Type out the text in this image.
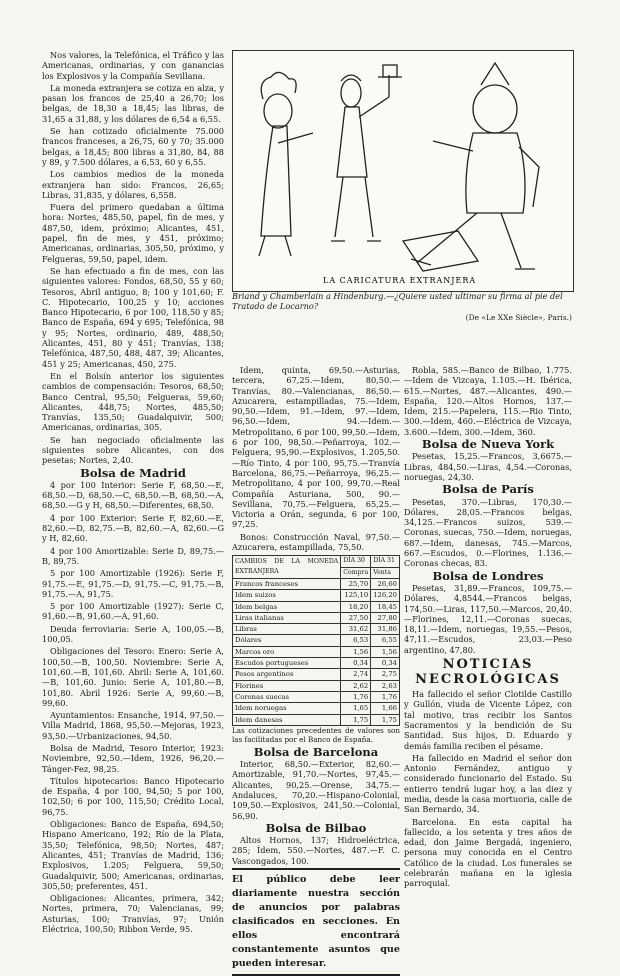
Nos valores, la Telefónica, el Tráfico y las Americanas, ordinarias, y con ganancias los Explosivos y la Compañía Sevillana.

La moneda extranjera se cotiza en alza, y pasan los francos de 25,40 a 26,70; los belgas, de 18,30 a 18,45; las libras, de 31,65 a 31,88, y los dólares de 6,54 a 6,55.

Se han cotizado oficialmente 75.000 francos franceses, a 26,75, 60 y 70; 35.000 belgas, a 18,45; 800 libras a 31,80, 84, 88 y 89, y 7.500 dólares, a 6,53, 60 y 6,55.

Los cambios medios de la moneda extranjera han sido: Francos, 26,65; Libras, 31,835, y dólares, 6,558.

Fuera del primero quedaban a última hora: Nortes, 485,50, papel, fin de mes, y 487,50, idem, próximo; Alicantes, 451, papel, fin de mes, y 451, próximo; Americanas, ordinarias, 305,50, próximo, y Felgueras, 59,50, papel, idem.

Se han efectuado a fin de mes, con las siguientes valores: Fondos, 68,50, 55 y 60; Tesoros, Abril antiguo, 8; 100 y 101,60; F. C. Hipotecario, 100,25 y 10; acciones Banco Hipotecario, 6 por 100, 118,50 y 85; Banco de España, 694 y 695; Telefónica, 98 y 95; Nortes, ordinario, 489, 488,50; Alicantes, 451, 80 y 451; Tranvías, 138; Telefónica, 487,50, 488, 487, 39; Alicantes, 451 y 25; Americanas, 450, 275.

En el Bolsín anterior los siguientes cambios de compensación: Tesoros, 68,50; Banco Central, 95,50; Felgueras, 59,60; Alicantes, 448,75; Nortes, 485,50; Tranvías, 135,50; Guadalquivir, 500; Americanas, ordinarias, 305.

Se han negociado oficialmente las siguientes sobre Alicantes, con dos pesetas; Nortes, 2,40.

Bolsa de Madrid

4 por 100 Interior: Serie F, 68,50.—E, 68,50.—D, 68,50.—C, 68,50.—B, 68,50.—A, 68,50.—G y H, 68,50.—Diferentes, 68,50.

4 por 100 Exterior: Serie F, 82,60.—E, 82,60.—D, 82,75.—B, 82,60.—A, 82,60.—G y H, 82,60.

4 por 100 Amortizable: Serie D, 89,75.—B, 89,75.

5 por 100 Amortizable (1926): Serie F, 91,75.—E, 91,75.—D, 91,75.—C, 91,75.—B, 91,75.—A, 91,75.

5 por 100 Amortizable (1927): Serie C, 91,60.—B, 91,60.—A, 91,60.

Deuda ferroviaria: Serie A, 100,05.—B, 100,05.

Obligaciones del Tesoro: Enero: Serie A, 100,50.—B, 100,50. Noviembre: Serie A, 101,60.—B, 101,60. Abril: Serie A, 101,60.—B, 101,60. Junio: Serie A, 101,80.—B, 101,80. Abril 1926: Serie A, 99,60.—B, 99,60.

Ayuntamientos: Ensanche, 1914, 97,50.—Villa Madrid, 1868, 95,50.—Mejoras, 1923, 93,50.—Urbanizaciones, 94,50.

Bolsa de Madrid, Tesoro Interior, 1923: Noviembre, 92,50.—Idem, 1926, 96,20.—Tánger-Fez, 98,25.

Títulos hipotecarios: Banco Hipotecario de España, 4 por 100, 94,50; 5 por 100, 102,50; 6 por 100, 115,50; Crédito Local, 96,75.

Obligaciones: Banco de España, 694,50; Hispano Americano, 192; Río de la Plata, 35,50; Telefónica, 98,50; Nortes, 487; Alicantes, 451; Tranvías de Madrid, 136; Explosivos, 1.205; Felguera, 59,50; Guadalquivir, 500; Americanas, ordinarias, 305,50; preferentes, 451.

Obligaciones: Alicantes, primera, 342; Nortes, primera, 70; Valencianas, 99; Asturias, 100; Tranvías, 97; Unión Eléctrica, 100,50; Ribbon Verde, 95.

LA CARICATURA EXTRANJERA
Briand y Chamberlain a Hindenburg.—¿Quiere usted ultimar su firma al pie del Tratado de Locarno?
(De «Le XXe Siècle», París.)

Idem, quinta, 69,50.—Asturias, tercera, 67,25.—Idem, 80,50.—Tranvías, 80.—Valencianas, 86,50.—Azucarera, estampilladas, 75.—Idem, 90,50.—Idem, 91.—Idem, 97.—Idem, 96,50.—Idem, 94.—Idem.—Metropolitano, 6 por 100, 99,50.—Idem, 6 por 100, 98,50.—Peñarroya, 102.—Felguera, 95,90.—Explosivos, 1.205,50.—Río Tinto, 4 por 100, 95,75.—Tranvía Barcelona, 86,75.—Peñarroya, 96,25.—Metropolitano, 4 por 100, 99,70.—Real Compañía Asturiana, 500, 90.—Sevillana, 70,75.—Felguera, 65,25.—Victoria a Orán, segunda, 6 por 100, 97,25.

Bonos: Construcción Naval, 97,50.—Azucarera, estampillada, 75,50.

CAMBIOS DE LA MONEDA EXTRANJERA	DÍA 30	DÍA 31
	Compra	Venta
Francos franceses	25,70	26,60
Idem suizos	125,10	126,20
Idem belgas	18,20	18,45
Liras italianas	27,50	27,80
Libras	31,62	31,86
Dólares	6,53	6,55
Marcos oro	1,56	1,56
Escudos portugueses	0,34	0,34
Pesos argentinos	2,74	2,75
Florines	2,62	2,63
Coronas suecas	1,76	1,76
Idem noruegas	1,65	1,66
Idem danesas	1,75	1,75
Las cotizaciones precedentes de valores son las facilitadas por el Banco de España.

Bolsa de Barcelona

Interior, 68,50.—Exterior, 82,60.—Amortizable, 91,70.—Nortes, 97,45.—Alicantes, 90,25.—Orense, 34,75.—Andaluces, 70,20.—Hispano-Colonial, 109,50.—Explosivos, 241,50.—Colonial, 56,90.

Bolsa de Bilbao

Altos Hornos, 137; Hidroeléctrica, 285; Ídem, 550.—Nortes, 487.—F. C. Vascongados, 100.

El público debe leer diariamente nuestra sección de anuncios por palabras clasificados en secciones. En ellos encontrará constantemente asuntos que pueden interesar.

Robla, 585.—Banco de Bilbao, 1.775.—Idem de Vizcaya, 1.105.—H. Ibérica, 615.—Nortes, 487.—Alicantes, 490.—España, 120.—Altos Hornos, 137.—Idem, 215.—Papelera, 115.—Rio Tinto, 300.—Idem, 460.—Eléctrica de Vizcaya, 3.600.—Idem, 300.—Idem, 360.

Bolsa de Nueva York

Pesetas, 15,25.—Francos, 3,6675.—Libras, 484,50.—Liras, 4,54.—Coronas, noruegas, 24,30.

Bolsa de París

Pesetas, 370.—Libras, 170,30.—Dólares, 28,05.—Francos belgas, 34,125.—Francos suizos, 539.—Coronas, suecas, 750.—Idem, noruegas, 687.—Idem, danesas, 745.—Marcos, 667.—Escudos, 0.—Florines, 1.136.—Coronas checas, 83.

Bolsa de Londres

Pesetas, 31,89.—Francos, 109,75.—Dólares, 4,8544.—Francos belgas, 174,50.—Liras, 117,50.—Marcos, 20,40.—Florines, 12,11.—Coronas suecas, 18,11.—Idem, noruegas, 19,55.—Pesos, 47,11.—Escudos, 23,03.—Peso argentino, 47,80.

NOTICIAS NECROLÓGICAS

Ha fallecido el señor Clotilde Castillo y Gullón, viuda de Vicente López, con tal motivo, tras recibir los Santos Sacramentos y la bendición de Su Santidad. Sus hijos, D. Eduardo y demás familia reciben el pésame.

Ha fallecido en Madrid el señor don Antonio Fernández, antiguo y considerado funcionario del Estado. Su entierro tendrá lugar hoy, a las diez y media, desde la casa mortuoria, calle de San Bernardo, 34.

Barcelona. En esta capital ha fallecido, a los setenta y tres años de edad, don Jaime Bergadá, ingeniero, persona muy conocida en el Centro Católico de la ciudad. Los funerales se celebrarán mañana en la iglesia parroquial.
